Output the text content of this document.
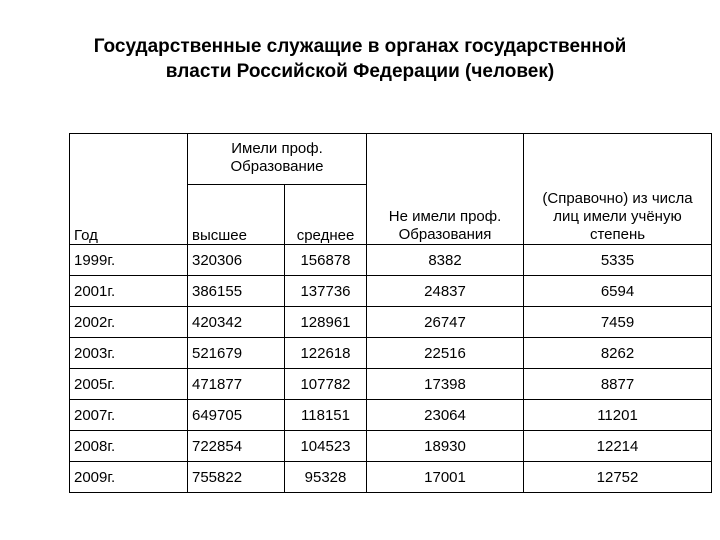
Государственные служащие в органах государственной
власти Российской Федерации (человек)
Год	Имели проф. Образование		Не имели проф. Образования	(Справочно) из числа лиц имели учёную степень
	высшее	среднее		
1999г.	320306	156878	8382	5335
2001г.	386155	137736	24837	6594
2002г.	420342	128961	26747	7459
2003г.	521679	122618	22516	8262
2005г.	471877	107782	17398	8877
2007г.	649705	118151	23064	11201
2008г.	722854	104523	18930	12214
2009г.	755822	95328	17001	12752
